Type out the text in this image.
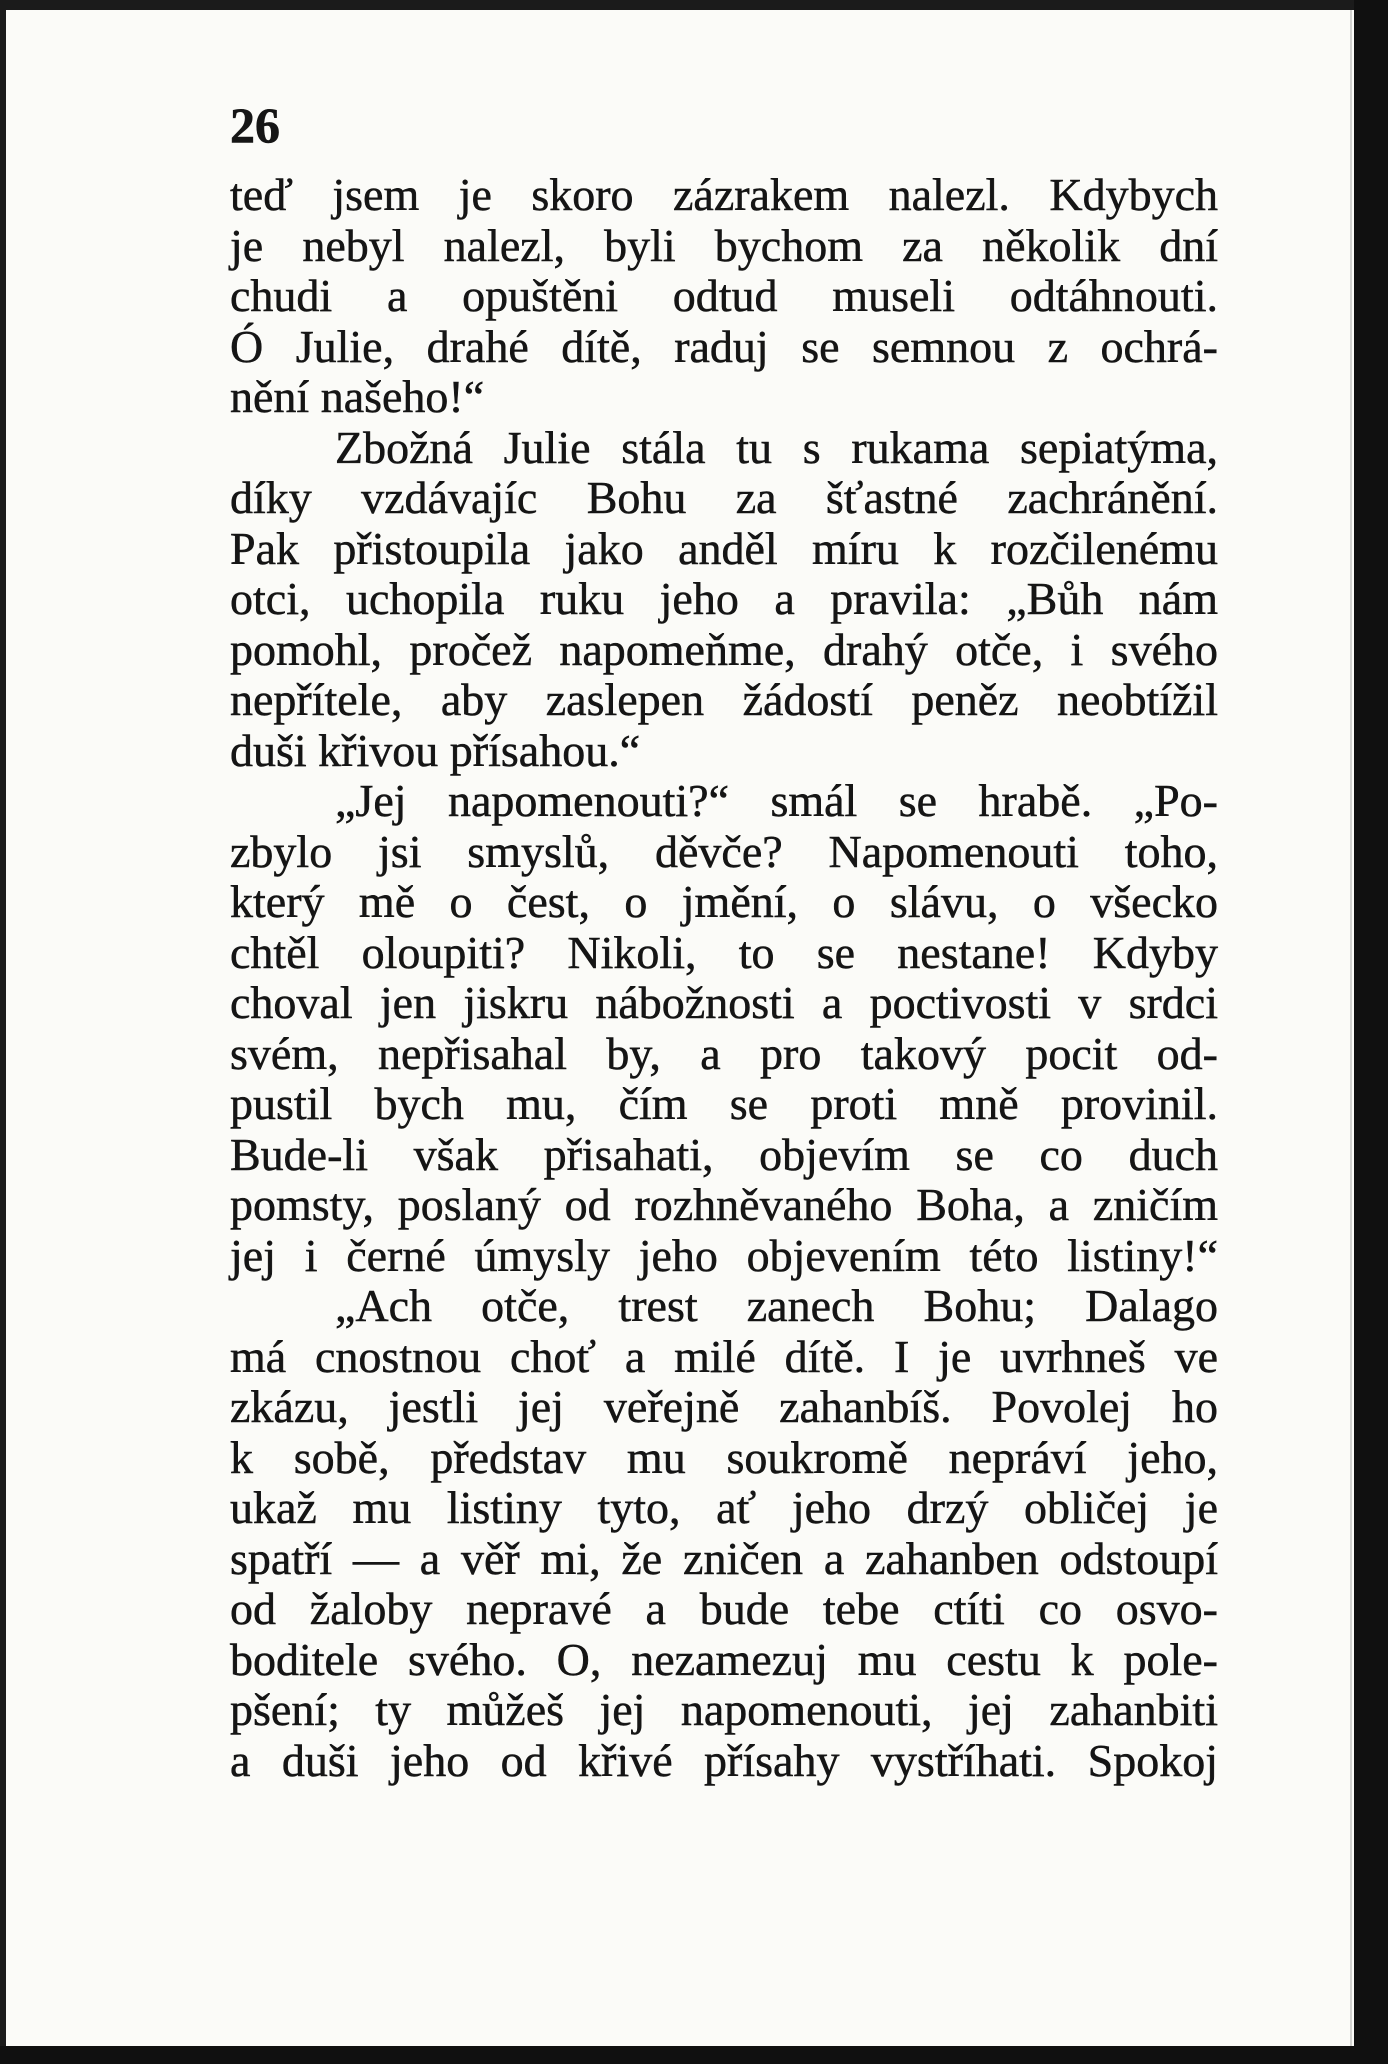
26
teď jsem je skoro zázrakem nalezl. Kdybych
je nebyl nalezl, byli bychom za několik dní
chudi a opuštěni odtud museli odtáhnouti.
Ó Julie, drahé dítě, raduj se semnou z ochrá-
nění našeho!“
Zbožná Julie stála tu s rukama sepiatýma,
díky vzdávajíc Bohu za šťastné zachránění.
Pak přistoupila jako anděl míru k rozčilenému
otci, uchopila ruku jeho a pravila: „Bůh nám
pomohl, pročež napomeňme, drahý otče, i svého
nepřítele, aby zaslepen žádostí peněz neobtížil
duši křivou přísahou.“
„Jej napomenouti?“ smál se hrabě. „Po-
zbylo jsi smyslů, děvče? Napomenouti toho,
který mě o čest, o jmění, o slávu, o všecko
chtěl oloupiti? Nikoli, to se nestane! Kdyby
choval jen jiskru nábožnosti a poctivosti v srdci
svém, nepřisahal by, a pro takový pocit od-
pustil bych mu, čím se proti mně provinil.
Bude-li však přisahati, objevím se co duch
pomsty, poslaný od rozhněvaného Boha, a zničím
jej i černé úmysly jeho objevením této listiny!“
„Ach otče, trest zanech Bohu; Dalago
má cnostnou choť a milé dítě. I je uvrhneš ve
zkázu, jestli jej veřejně zahanbíš. Povolej ho
k sobě, představ mu soukromě nepráví jeho,
ukaž mu listiny tyto, ať jeho drzý obličej je
spatří — a věř mi, že zničen a zahanben odstoupí
od žaloby nepravé a bude tebe ctíti co osvo-
boditele svého. O, nezamezuj mu cestu k pole-
pšení; ty můžeš jej napomenouti, jej zahanbiti
a duši jeho od křivé přísahy vystříhati. Spokoj
